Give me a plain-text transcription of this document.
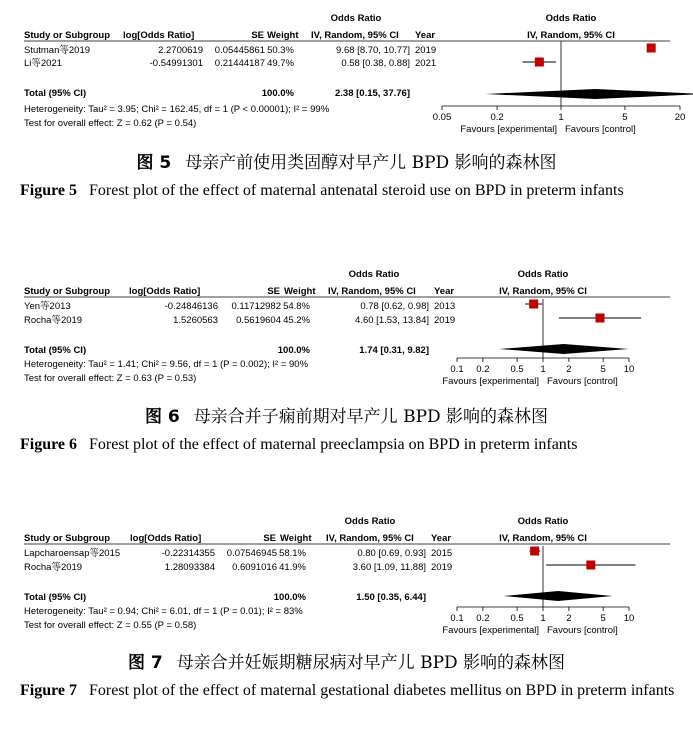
Odds Ratio	Odds Ratio
Study or Subgroup log[Odds Ratio]	SE Weight IV, Random, 95% CI Year	IV, Random, 95% CI
Stutman等2019	2.2700619 0.05445861 50.3%	9.68 [8.70, 10.77] 2019
Li等2021	-0.54991301 0.21444187 49.7%	0.58 [0.38, 0.88] 2021
Total (95% CI)	100.0%	2.38 [0.15, 37.76]
Heterogeneity: Tau² = 3.95; Chi² = 162.45, df = 1 (P < 0.00001); I² = 99%
Test for overall effect: Z = 0.62 (P = 0.54)
0.05	0.2	1	5	20
Favours [experimental] Favours [control]
图 5 母亲产前使用类固醇对早产儿 BPD 影响的森林图
Figure 5 Forest plot of the effect of maternal antenatal steroid use on BPD in preterm infants
Odds Ratio	Odds Ratio
Study or Subgroup log[Odds Ratio]	SE Weight IV, Random, 95% CI Year	IV, Random, 95% CI
Yen等2013	-0.24846136 0.11712982 54.8%	0.78 [0.62, 0.98] 2013
Rocha等2019	1.5260563 0.5619604 45.2%	4.60 [1.53, 13.84] 2019
Total (95% CI)	100.0%	1.74 [0.31, 9.82]
Heterogeneity: Tau² = 1.41; Chi² = 9.56, df = 1 (P = 0.002); I² = 90%
Test for overall effect: Z = 0.63 (P = 0.53)
0.1 0.2 0.5 1 2	5 10
Favours [experimental] Favours [control]
图 6 母亲合并子痫前期对早产儿 BPD 影响的森林图
Figure 6 Forest plot of the effect of maternal preeclampsia on BPD in preterm infants
Odds Ratio	Odds Ratio
Study or Subgroup log[Odds Ratio]	SE Weight IV, Random, 95% CI Year	IV, Random, 95% CI
Lapcharoensap等2015	-0.22314355 0.07546945 58.1%	0.80 [0.69, 0.93] 2015
Rocha等2019	1.28093384 0.6091016 41.9%	3.60 [1.09, 11.88] 2019
Total (95% CI)	100.0%	1.50 [0.35, 6.44]
Heterogeneity: Tau² = 0.94; Chi² = 6.01, df = 1 (P = 0.01); I² = 83%
Test for overall effect: Z = 0.55 (P = 0.58)
0.1 0.2 0.5 1 2	5 10
Favours [experimental] Favours [control]
图 7 母亲合并妊娠期糖尿病对早产儿 BPD 影响的森林图
Figure 7 Forest plot of the effect of maternal gestational diabetes mellitus on BPD in preterm infants
